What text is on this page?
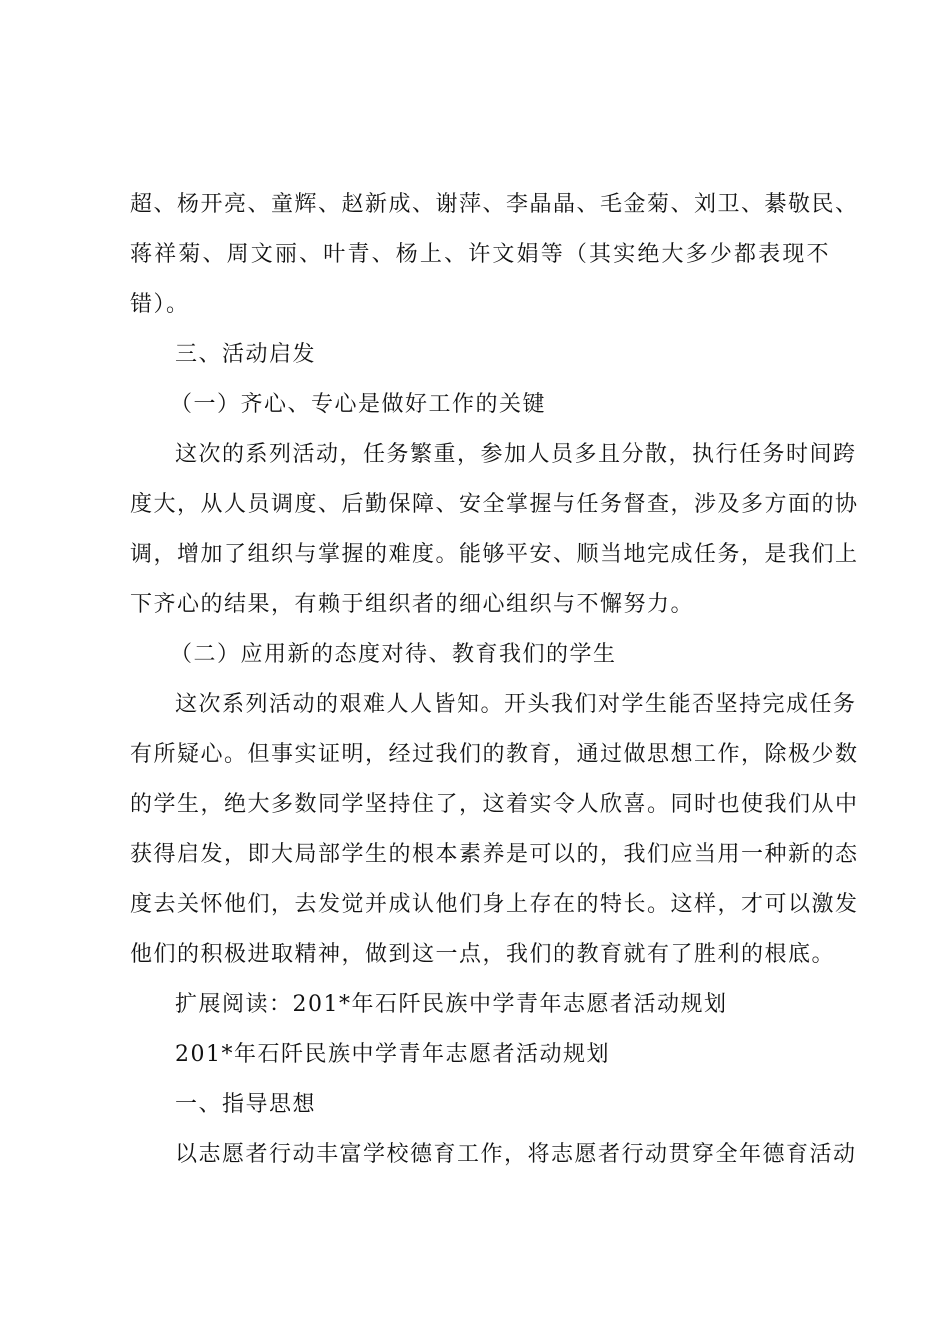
超、杨开亮、童辉、赵新成、谢萍、李晶晶、毛金菊、刘卫、綦敬民、
蒋祥菊、周文丽、叶青、杨上、许文娟等（其实绝大多少都表现不
错）。
三、活动启发
（一）齐心、专心是做好工作的关键
这次的系列活动，任务繁重，参加人员多且分散，执行任务时间跨
度大，从人员调度、后勤保障、安全掌握与任务督查，涉及多方面的协
调，增加了组织与掌握的难度。能够平安、顺当地完成任务，是我们上
下齐心的结果，有赖于组织者的细心组织与不懈努力。
（二）应用新的态度对待、教育我们的学生
这次系列活动的艰难人人皆知。开头我们对学生能否坚持完成任务
有所疑心。但事实证明，经过我们的教育，通过做思想工作，除极少数
的学生，绝大多数同学坚持住了，这着实令人欣喜。同时也使我们从中
获得启发，即大局部学生的根本素养是可以的，我们应当用一种新的态
度去关怀他们，去发觉并成认他们身上存在的特长。这样，才可以激发
他们的积极进取精神，做到这一点，我们的教育就有了胜利的根底。
扩展阅读：201*年石阡民族中学青年志愿者活动规划
201*年石阡民族中学青年志愿者活动规划
一、指导思想
以志愿者行动丰富学校德育工作，将志愿者行动贯穿全年德育活动
